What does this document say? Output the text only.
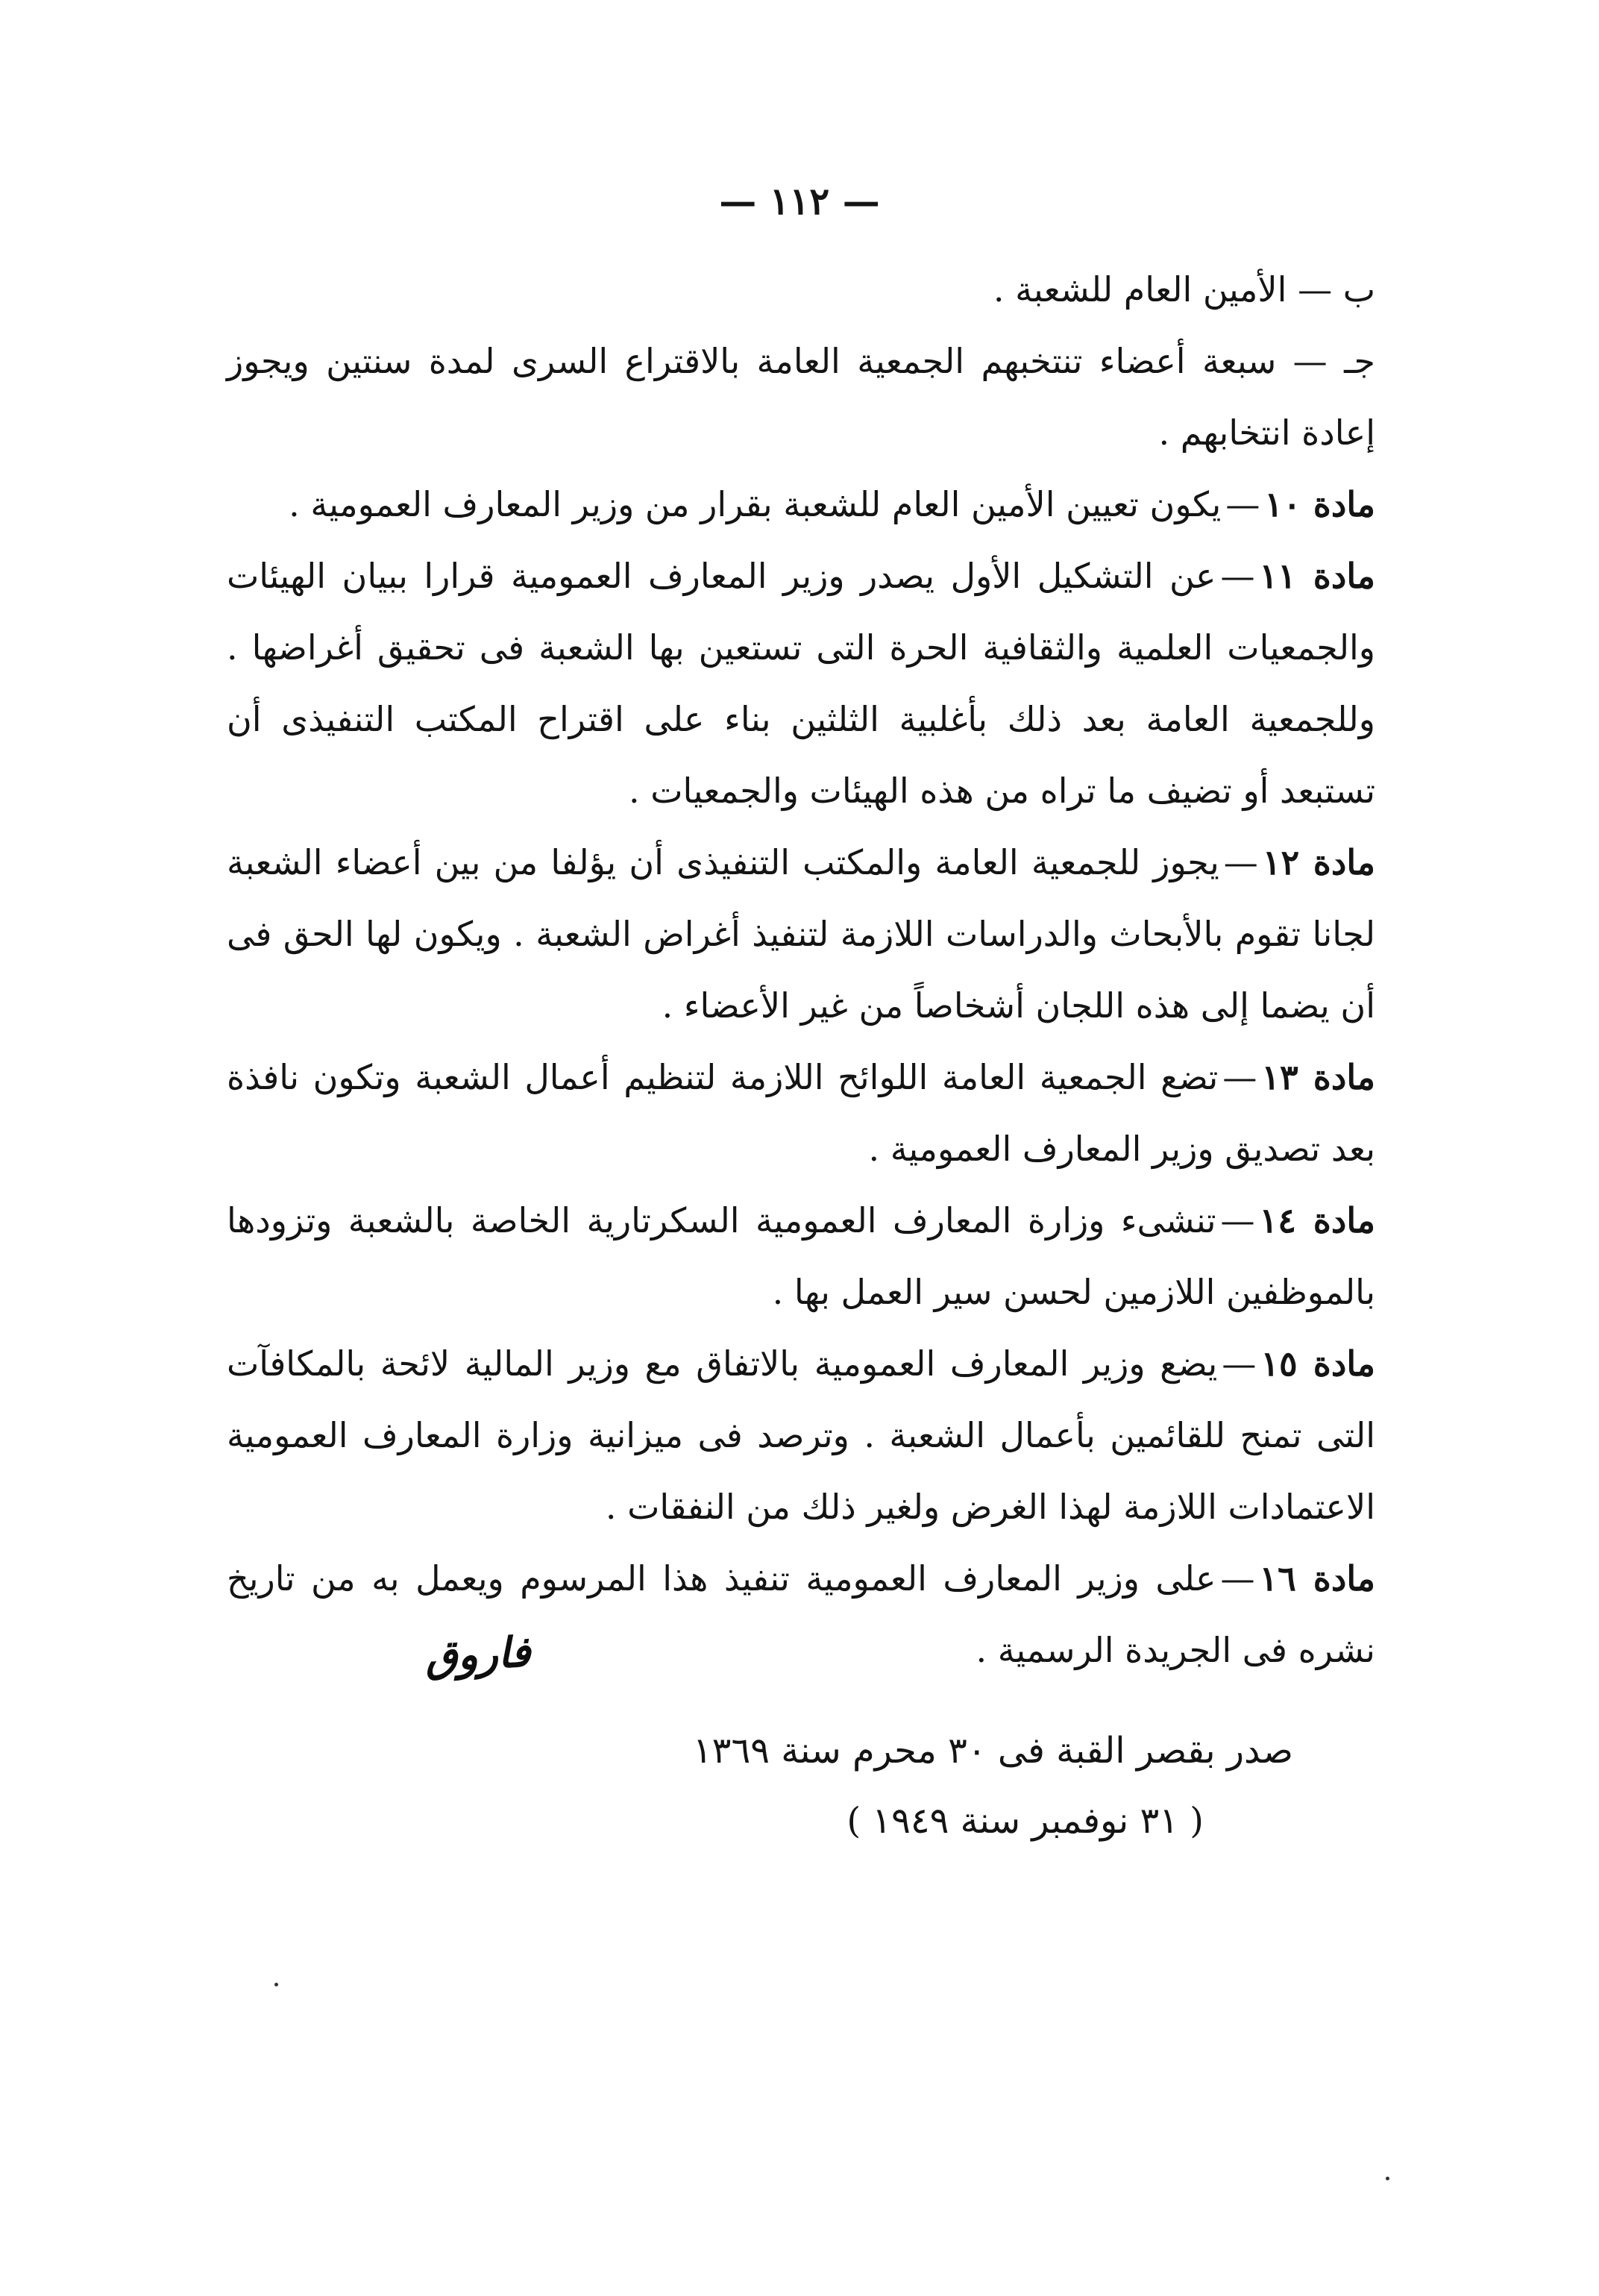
— ١١٢ —

ب — الأمين العام للشعبة .

جـ — سبعة أعضاء تنتخبهم الجمعية العامة بالاقتراع السرى لمدة سنتين ويجوز إعادة انتخابهم .

مادة ١٠—يكون تعيين الأمين العام للشعبة بقرار من وزير المعارف العمومية .

مادة ١١—عن التشكيل الأول يصدر وزير المعارف العمومية قرارا ببيان الهيئات والجمعيات العلمية والثقافية الحرة التى تستعين بها الشعبة فى تحقيق أغراضها . وللجمعية العامة بعد ذلك بأغلبية الثلثين بناء على اقتراح المكتب التنفيذى أن تستبعد أو تضيف ما تراه من هذه الهيئات والجمعيات .

مادة ١٢—يجوز للجمعية العامة والمكتب التنفيذى أن يؤلفا من بين أعضاء الشعبة لجانا تقوم بالأبحاث والدراسات اللازمة لتنفيذ أغراض الشعبة . ويكون لها الحق فى أن يضما إلى هذه اللجان أشخاصاً من غير الأعضاء .

مادة ١٣—تضع الجمعية العامة اللوائح اللازمة لتنظيم أعمال الشعبة وتكون نافذة بعد تصديق وزير المعارف العمومية .

مادة ١٤—تنشىء وزارة المعارف العمومية السكرتارية الخاصة بالشعبة وتزودها بالموظفين اللازمين لحسن سير العمل بها .

مادة ١٥—يضع وزير المعارف العمومية بالاتفاق مع وزير المالية لائحة بالمكافآت التى تمنح للقائمين بأعمال الشعبة . وترصد فى ميزانية وزارة المعارف العمومية الاعتمادات اللازمة لهذا الغرض ولغير ذلك من النفقات .

مادة ١٦—على وزير المعارف العمومية تنفيذ هذا المرسوم ويعمل به من تاريخ نشره فى الجريدة الرسمية .

فاروق
صدر بقصر القبة فى ٣٠ محرم سنة ١٣٦٩
( ٣١ نوفمبر سنة ١٩٤٩ )
